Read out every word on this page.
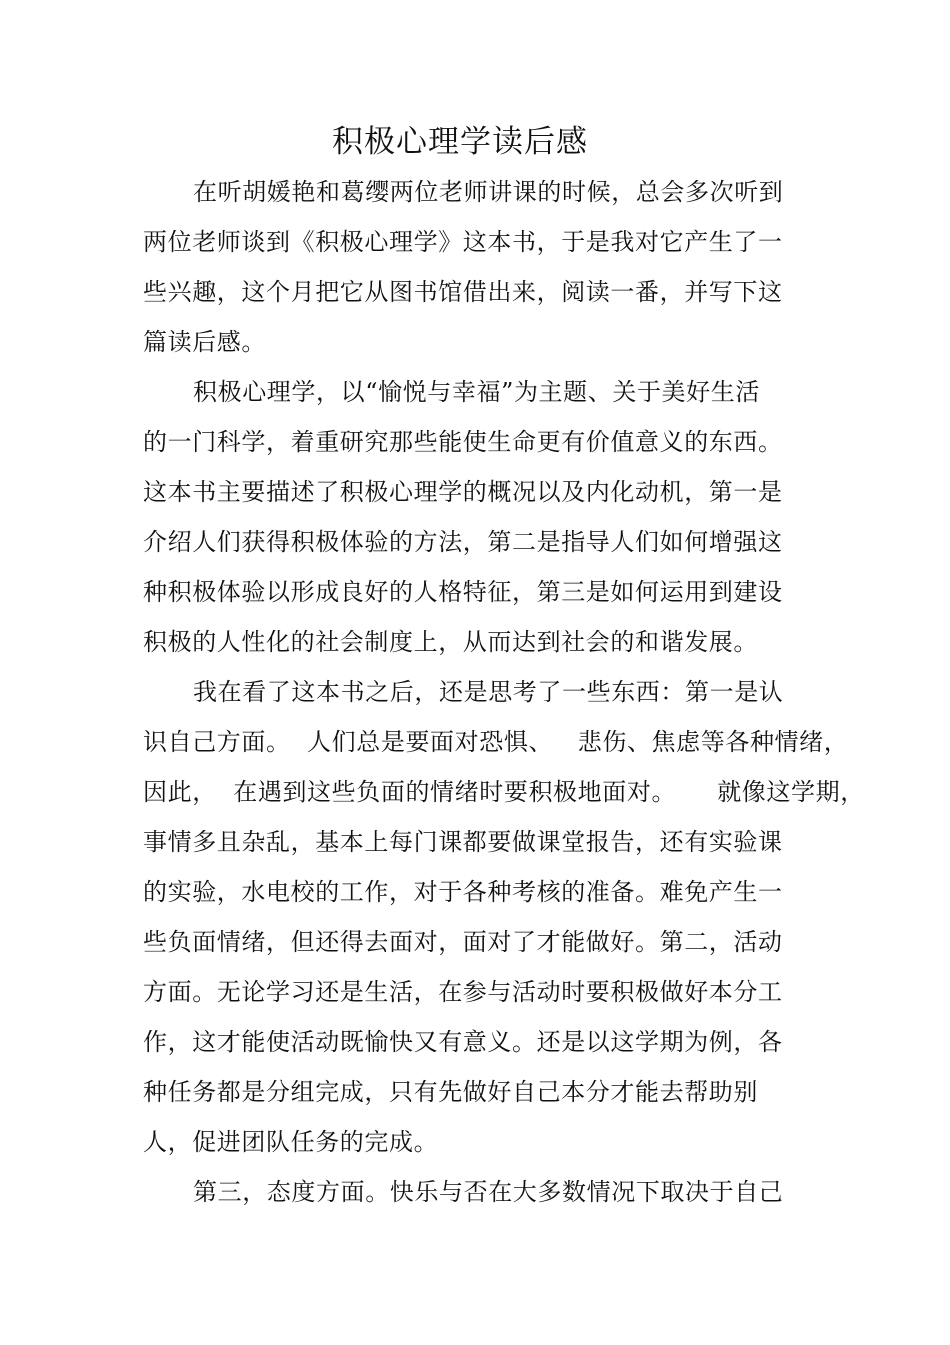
积极心理学读后感
在听胡媛艳和葛缨两位老师讲课的时候，总会多次听到
两位老师谈到《积极心理学》这本书，于是我对它产生了一
些兴趣，这个月把它从图书馆借出来，阅读一番，并写下这
篇读后感。
积极心理学，以“愉悦与幸福”为主题、关于美好生活
的一门科学，着重研究那些能使生命更有价值意义的东西。
这本书主要描述了积极心理学的概况以及内化动机，第一是
介绍人们获得积极体验的方法，第二是指导人们如何增强这
种积极体验以形成良好的人格特征，第三是如何运用到建设
积极的人性化的社会制度上，从而达到社会的和谐发展。
我在看了这本书之后，还是思考了一些东西：第一是认
识自己方面。  人们总是要面对恐惧、   悲伤、焦虑等各种情绪，
因此，  在遇到这些负面的情绪时要积极地面对。     就像这学期，
事情多且杂乱，基本上每门课都要做课堂报告，还有实验课
的实验，水电校的工作，对于各种考核的准备。难免产生一
些负面情绪，但还得去面对，面对了才能做好。第二，活动
方面。无论学习还是生活，在参与活动时要积极做好本分工
作，这才能使活动既愉快又有意义。还是以这学期为例，各
种任务都是分组完成，只有先做好自己本分才能去帮助别
人，促进团队任务的完成。
第三，态度方面。快乐与否在大多数情况下取决于自己
